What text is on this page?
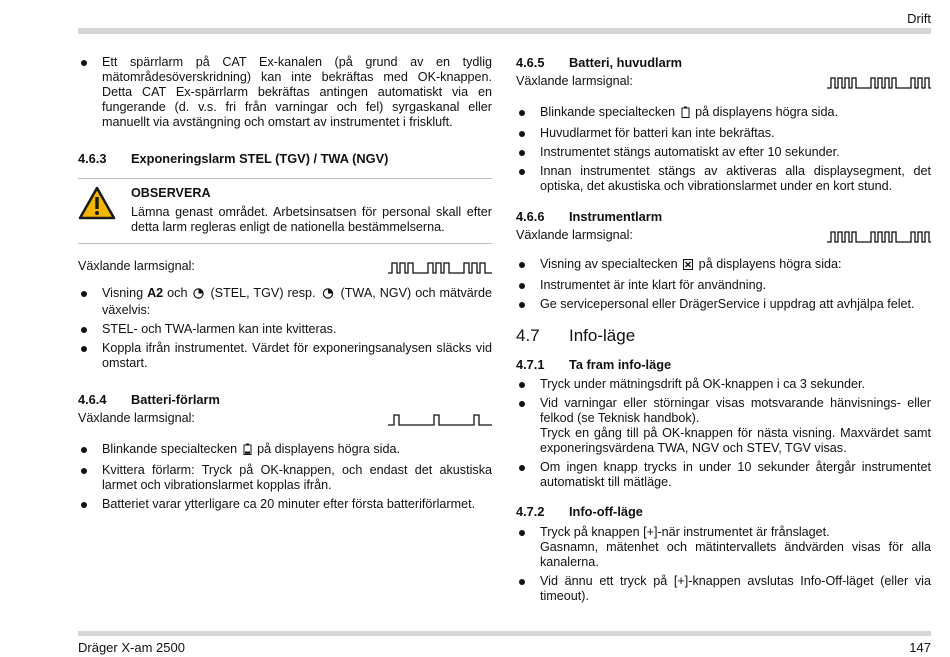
Drift

Ett spärrlarm på CAT Ex-kanalen (på grund av en tydlig mätområdesöverskridning) kan inte bekräftas med OK-knappen. Detta CAT Ex-spärrlarm bekräftas antingen automatiskt via en fungerande (d. v.s. fri från varningar och fel) syrgaskanal eller manuellt via avstängning och omstart av instrumentet i friskluft.

4.6.3	Exponeringslarm STEL (TGV) / TWA (NGV)
OBSERVERA
Lämna genast området. Arbetsinsatsen för personal skall efter detta larm regleras enligt de nationella bestämmelserna.
Växlande larmsignal:

Visning A2 och  (STEL, TGV) resp.  (TWA, NGV) och mätvärde växelvis:

STEL- och TWA-larmen kan inte kvitteras.

Koppla ifrån instrumentet. Värdet för exponeringsanalysen släcks vid omstart.

4.6.4	Batteri-förlarm
Växlande larmsignal:

Blinkande specialtecken  på displayens högra sida.

Kvittera förlarm: Tryck på OK-knappen, och endast det akustiska larmet och vibrationslarmet kopplas ifrån.

Batteriet varar ytterligare ca 20 minuter efter första batteriförlarmet.

4.6.5	Batteri, huvudlarm
Växlande larmsignal:

Blinkande specialtecken  på displayens högra sida.

Huvudlarmet för batteri kan inte bekräftas.

Instrumentet stängs automatiskt av efter 10 sekunder.

Innan instrumentet stängs av aktiveras alla displaysegment, det optiska, det akustiska och vibrationslarmet under en kort stund.

4.6.6	Instrumentlarm
Växlande larmsignal:

Visning av specialtecken  på displayens högra sida:

Instrumentet är inte klart för användning.

Ge servicepersonal eller DrägerService i uppdrag att avhjälpa felet.

4.7	Info-läge
4.7.1	Ta fram info-läge

Tryck under mätningsdrift på OK-knappen i ca 3 sekunder.

Vid varningar eller störningar visas motsvarande hänvisnings- eller felkod (se Teknisk handbok).
Tryck en gång till på OK-knappen för nästa visning. Maxvärdet samt exponeringsvärdena TWA, NGV och STEV, TGV visas.

Om ingen knapp trycks in under 10 sekunder återgår instrumentet automatiskt till mätläge.

4.7.2	Info-off-läge
Tryck på knappen [+]-när instrumentet är frånslaget.
Gasnamn, mätenhet och mätintervallets ändvärden visas för alla kanalerna.

Vid ännu ett tryck på [+]-knappen avslutas Info-Off-läget (eller via timeout).

Dräger X-am 2500	147
